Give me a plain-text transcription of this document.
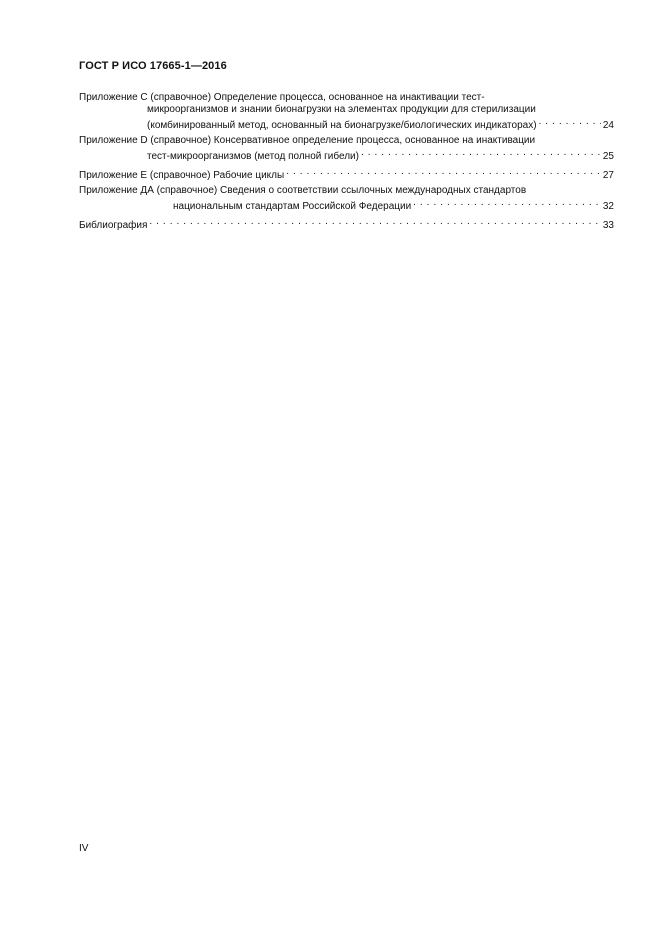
ГОСТ Р ИСО 17665-1—2016
Приложение С (справочное) Определение процесса, основанное на инактивации тест-
микроорганизмов и знании бионагрузки на элементах продукции для стерилизации
(комбинированный метод, основанный на бионагрузке/биологических индикаторах) . . .	24
Приложение D (справочное) Консервативное определение процесса, основанное на инактивации
тест-микроорганизмов (метод полной гибели) . . .	25
Приложение Е (справочное) Рабочие циклы . . .	27
Приложение ДА (справочное) Сведения о соответствии ссылочных международных стандартов
национальным стандартам Российской Федерации . . .	32
Библиография . . .	33
IV
